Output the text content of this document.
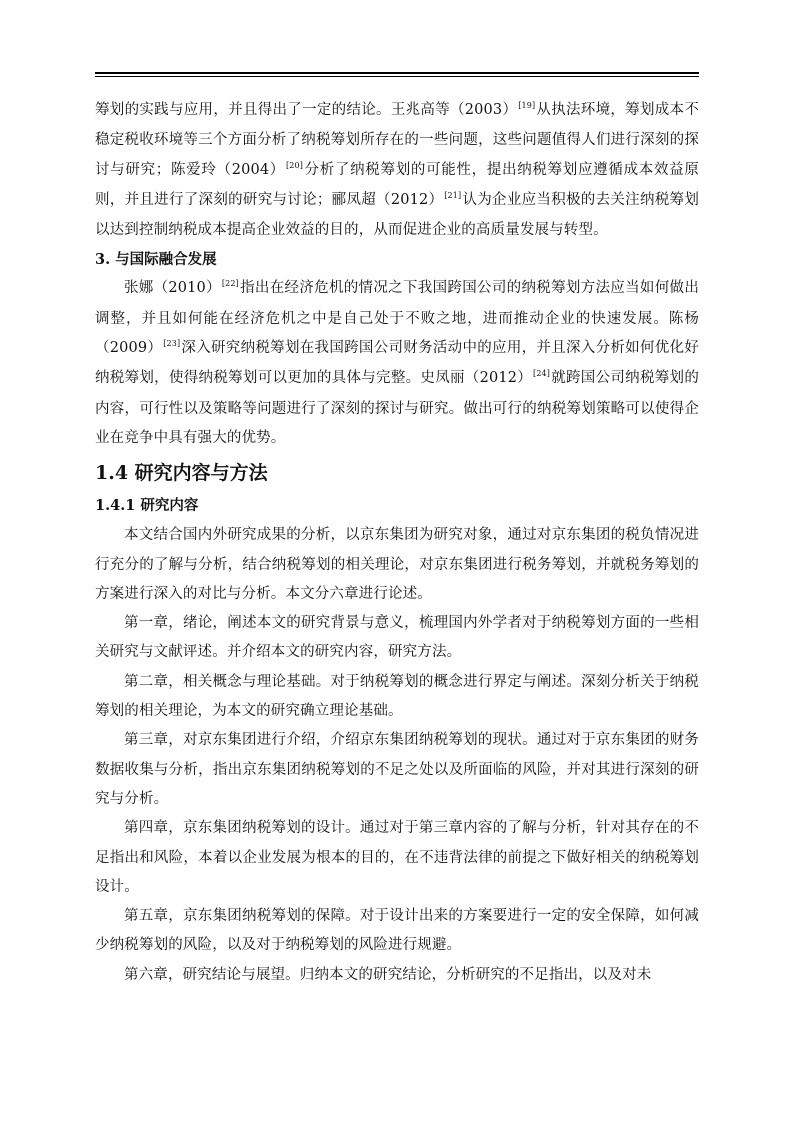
筹划的实践与应用，并且得出了一定的结论。王兆高等（2003）[19]从执法环境，筹划成本不稳定税收环境等三个方面分析了纳税筹划所存在的一些问题，这些问题值得人们进行深刻的探讨与研究；陈爱玲（2004）[20]分析了纳税筹划的可能性，提出纳税筹划应遵循成本效益原则，并且进行了深刻的研究与讨论；郦凤超（2012）[21]认为企业应当积极的去关注纳税筹划以达到控制纳税成本提高企业效益的目的，从而促进企业的高质量发展与转型。

3. 与国际融合发展

张娜（2010）[22]指出在经济危机的情况之下我国跨国公司的纳税筹划方法应当如何做出调整，并且如何能在经济危机之中是自己处于不败之地，进而推动企业的快速发展。陈杨（2009）[23]深入研究纳税筹划在我国跨国公司财务活动中的应用，并且深入分析如何优化好纳税筹划，使得纳税筹划可以更加的具体与完整。史凤丽（2012）[24]就跨国公司纳税筹划的内容，可行性以及策略等问题进行了深刻的探讨与研究。做出可行的纳税筹划策略可以使得企业在竞争中具有强大的优势。

1.4 研究内容与方法
1.4.1 研究内容

本文结合国内外研究成果的分析，以京东集团为研究对象，通过对京东集团的税负情况进行充分的了解与分析，结合纳税筹划的相关理论，对京东集团进行税务筹划，并就税务筹划的方案进行深入的对比与分析。本文分六章进行论述。

第一章，绪论，阐述本文的研究背景与意义，梳理国内外学者对于纳税筹划方面的一些相关研究与文献评述。并介绍本文的研究内容，研究方法。

第二章，相关概念与理论基础。对于纳税筹划的概念进行界定与阐述。深刻分析关于纳税筹划的相关理论，为本文的研究确立理论基础。

第三章，对京东集团进行介绍，介绍京东集团纳税筹划的现状。通过对于京东集团的财务数据收集与分析，指出京东集团纳税筹划的不足之处以及所面临的风险，并对其进行深刻的研究与分析。

第四章，京东集团纳税筹划的设计。通过对于第三章内容的了解与分析，针对其存在的不足指出和风险，本着以企业发展为根本的目的，在不违背法律的前提之下做好相关的纳税筹划设计。

第五章，京东集团纳税筹划的保障。对于设计出来的方案要进行一定的安全保障，如何减少纳税筹划的风险，以及对于纳税筹划的风险进行规避。

第六章，研究结论与展望。归纳本文的研究结论，分析研究的不足指出，以及对未
